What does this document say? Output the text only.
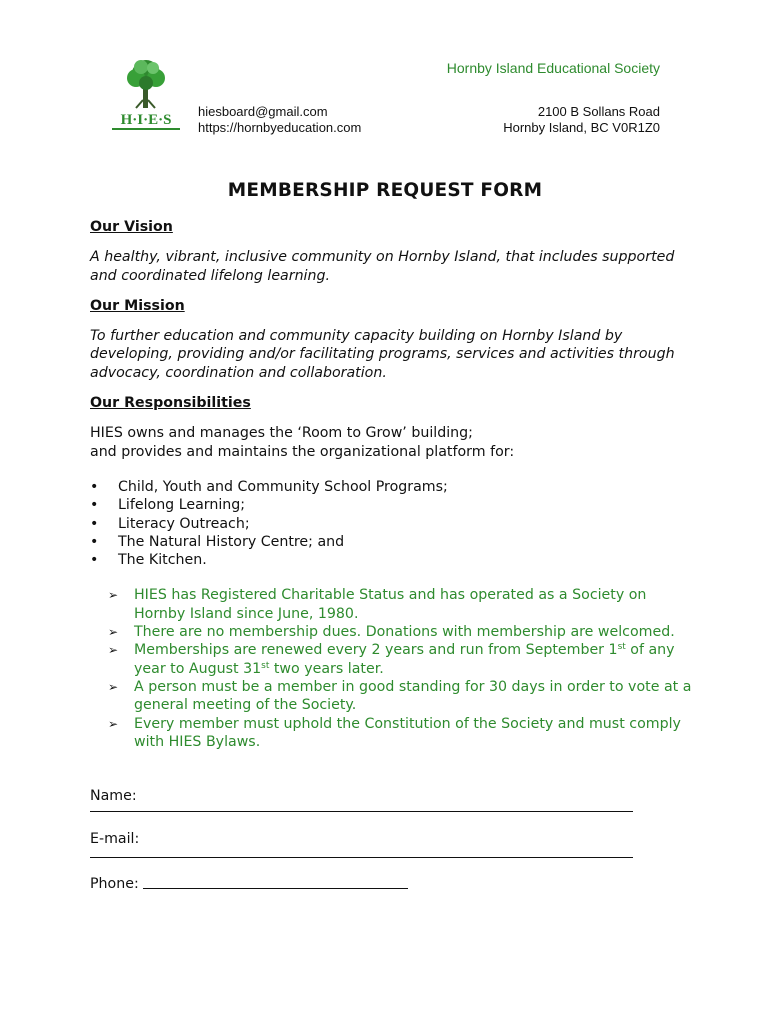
H·I·E·S
hiesboard@gmail.com
https://hornbyeducation.com
Hornby Island Educational Society
2100 B Sollans Road
Hornby Island, BC V0R1Z0
MEMBERSHIP REQUEST FORM

Our Vision

A healthy, vibrant, inclusive community on Hornby Island, that includes supported and coordinated lifelong learning.

Our Mission

To further education and community capacity building on Hornby Island by developing, providing and/or facilitating programs, services and activities through advocacy, coordination and collaboration.

Our Responsibilities

HIES owns and manages the ‘Room to Grow’ building;

and provides and maintains the organizational platform for:

• Child, Youth and Community School Programs;
• Lifelong Learning;
• Literacy Outreach;
• The Natural History Centre; and
• The Kitchen.
➢ HIES has Registered Charitable Status and has operated as a Society on Hornby Island since June, 1980.
➢ There are no membership dues. Donations with membership are welcomed.
➢ Memberships are renewed every 2 years and run from September 1st of any year to August 31st two years later.
➢ A person must be a member in good standing for 30 days in order to vote at a general meeting of the Society.
➢ Every member must uphold the Constitution of the Society and must comply with HIES Bylaws.

Name:

E-mail:

Phone:
